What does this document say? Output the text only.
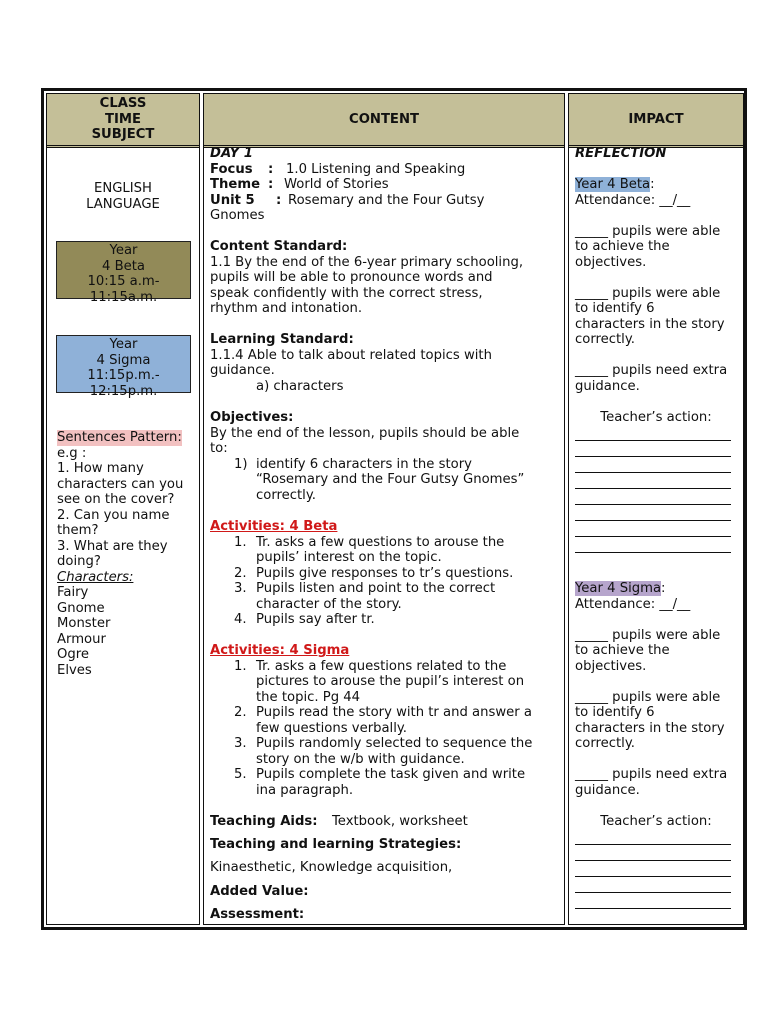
CLASS
TIME
SUBJECT
ENGLISH
LANGUAGE
Year
4 Beta
10:15 a.m-
11:15a.m.
Year
4 Sigma
11:15p.m.-
12:15p.m.
Sentences Pattern:
e.g :
1. How many
characters can you
see on the cover?
2. Can you name
them?
3. What are they
doing?
Characters:
Fairy
Gnome
Monster
Armour
Ogre
Elves
CONTENT
DAY 1
Focus : 1.0 Listening and Speaking
Theme : World of Stories
Unit 5 : Rosemary and the Four Gutsy
Gnomes
Content Standard:
1.1 By the end of the 6-year primary schooling,
pupils will be able to pronounce words and
speak confidently with the correct stress,
rhythm and intonation.
Learning Standard:
1.1.4 Able to talk about related topics with
guidance.
a) characters
Objectives:
By the end of the lesson, pupils should be able
to:
1) identify 6 characters in the story
“Rosemary and the Four Gutsy Gnomes”
correctly.
Activities: 4 Beta
1. Tr. asks a few questions to arouse the
pupils’ interest on the topic.
2. Pupils give responses to tr’s questions.
3. Pupils listen and point to the correct
character of the story.
4. Pupils say after tr.
Activities: 4 Sigma
1. Tr. asks a few questions related to the
pictures to arouse the pupil’s interest on
the topic. Pg 44
2. Pupils read the story with tr and answer a
few questions verbally.
3. Pupils randomly selected to sequence the
story on the w/b with guidance.
5. Pupils complete the task given and write
ina paragraph.
Teaching Aids: Textbook, worksheet
Teaching and learning Strategies:
Kinaesthetic, Knowledge acquisition,
Added Value:
Assessment:
IMPACT
REFLECTION
Year 4 Beta:
Attendance: __/__
_____ pupils were able
to achieve the
objectives.
_____ pupils were able
to identify 6
characters in the story
correctly.
_____ pupils need extra
guidance.
Teacher’s action:
Year 4 Sigma:
Attendance: __/__
_____ pupils were able
to achieve the
objectives.
_____ pupils were able
to identify 6
characters in the story
correctly.
_____ pupils need extra
guidance.
Teacher’s action:
